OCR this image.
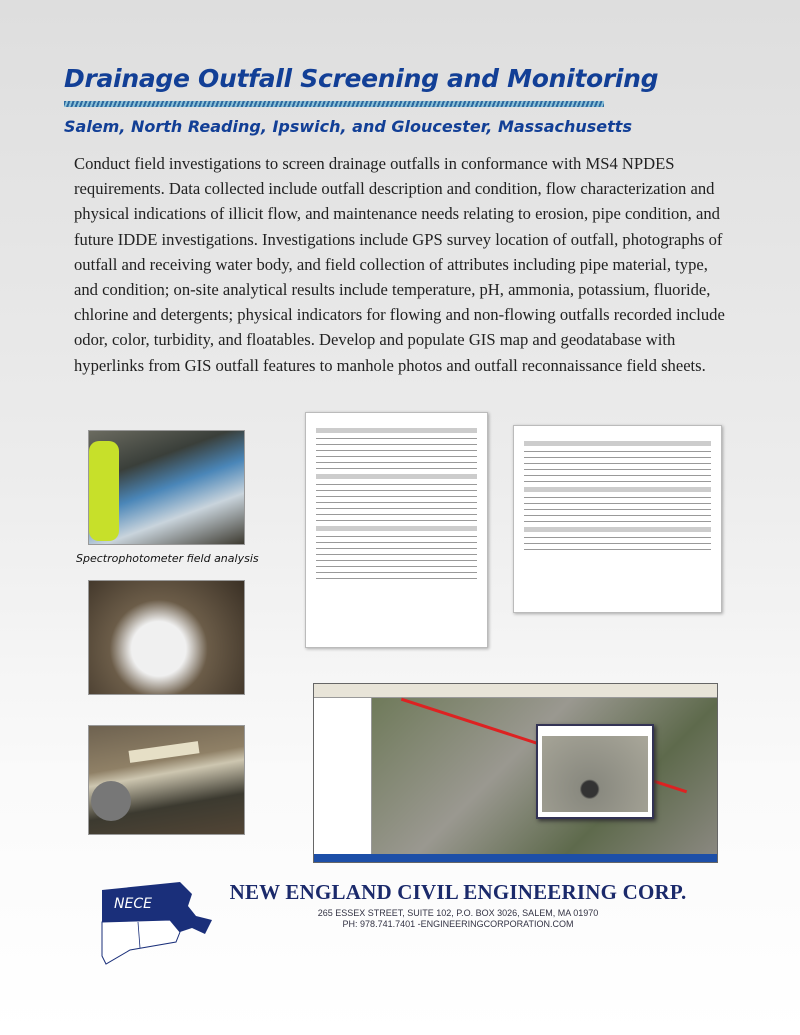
Drainage Outfall Screening and Monitoring
Salem, North Reading, Ipswich, and Gloucester, Massachusetts

Conduct field investigations to screen drainage outfalls in conformance with MS4 NPDES requirements. Data collected include outfall description and condition, flow characterization and physical indications of illicit flow, and maintenance needs relating to erosion, pipe condition, and future IDDE investigations. Investigations include GPS survey location of outfall, photographs of outfall and receiving water body, and field collection of attributes including pipe material, type, and condition; on-site analytical results include temperature, pH, ammonia, potassium, fluoride, chlorine and detergents; physical indicators for flowing and non-flowing outfalls recorded include odor, color, turbidity, and floatables. Develop and populate GIS map and geodatabase with hyperlinks from GIS outfall features to manhole photos and outfall reconnaissance field sheets.

Spectrophotometer field analysis
NECE	NEW ENGLAND CIVIL ENGINEERING CORP.
265 ESSEX STREET, SUITE 102, P.O. BOX 3026, SALEM, MA 01970
PH: 978.741.7401 -ENGINEERINGCORPORATION.COM
